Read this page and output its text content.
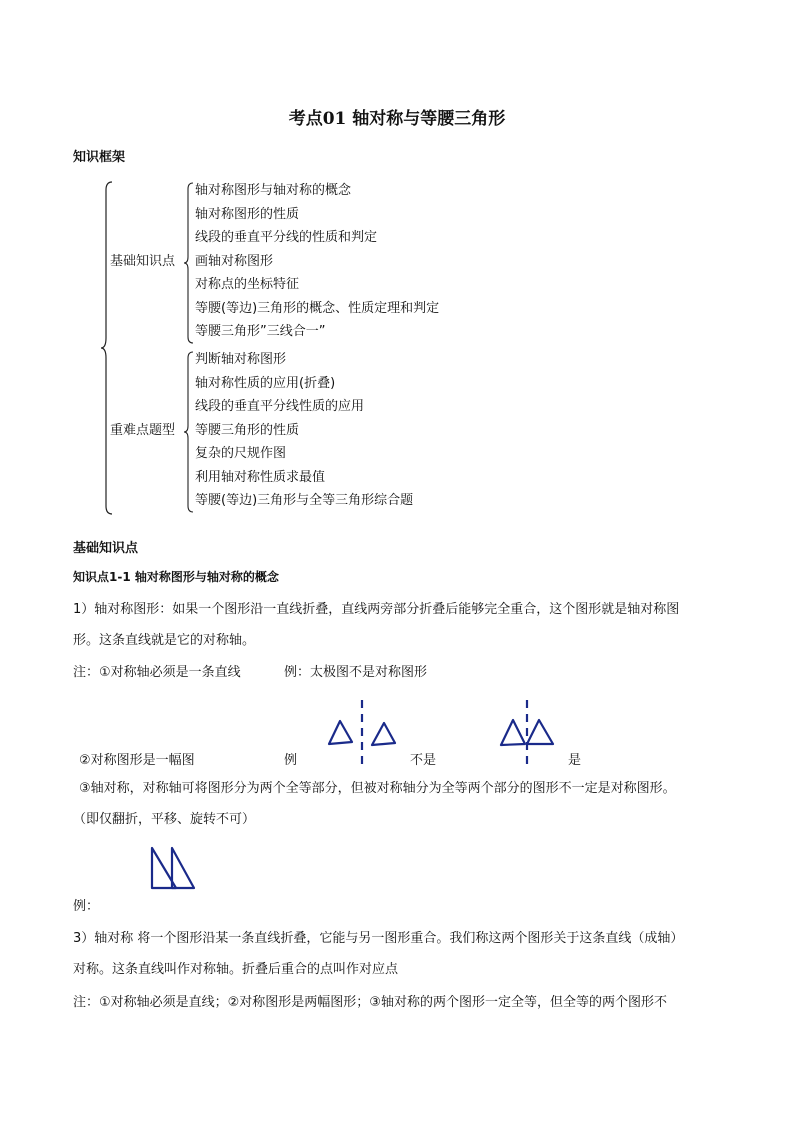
考点01 轴对称与等腰三角形
知识框架
基础知识点
轴对称图形与轴对称的概念
轴对称图形的性质
线段的垂直平分线的性质和判定
画轴对称图形
对称点的坐标特征
等腰(等边)三角形的概念、性质定理和判定
等腰三角形”三线合一”
重难点题型
判断轴对称图形
轴对称性质的应用(折叠)
线段的垂直平分线性质的应用
等腰三角形的性质
复杂的尺规作图
利用轴对称性质求最值
等腰(等边)三角形与全等三角形综合题
基础知识点
知识点1-1 轴对称图形与轴对称的概念
1）轴对称图形：如果一个图形沿一直线折叠，直线两旁部分折叠后能够完全重合，这个图形就是轴对称图
形。这条直线就是它的对称轴。
注：①对称轴必须是一条直线	例：太极图不是对称图形
②对称图形是一幅图	例	不是	是
③轴对称，对称轴可将图形分为两个全等部分，但被对称轴分为全等两个部分的图形不一定是对称图形。
（即仅翻折，平移、旋转不可）
例：
3）轴对称 将一个图形沿某一条直线折叠，它能与另一图形重合。我们称这两个图形关于这条直线（成轴）
对称。这条直线叫作对称轴。折叠后重合的点叫作对应点
注：①对称轴必须是直线；②对称图形是两幅图形；③轴对称的两个图形一定全等，但全等的两个图形不
